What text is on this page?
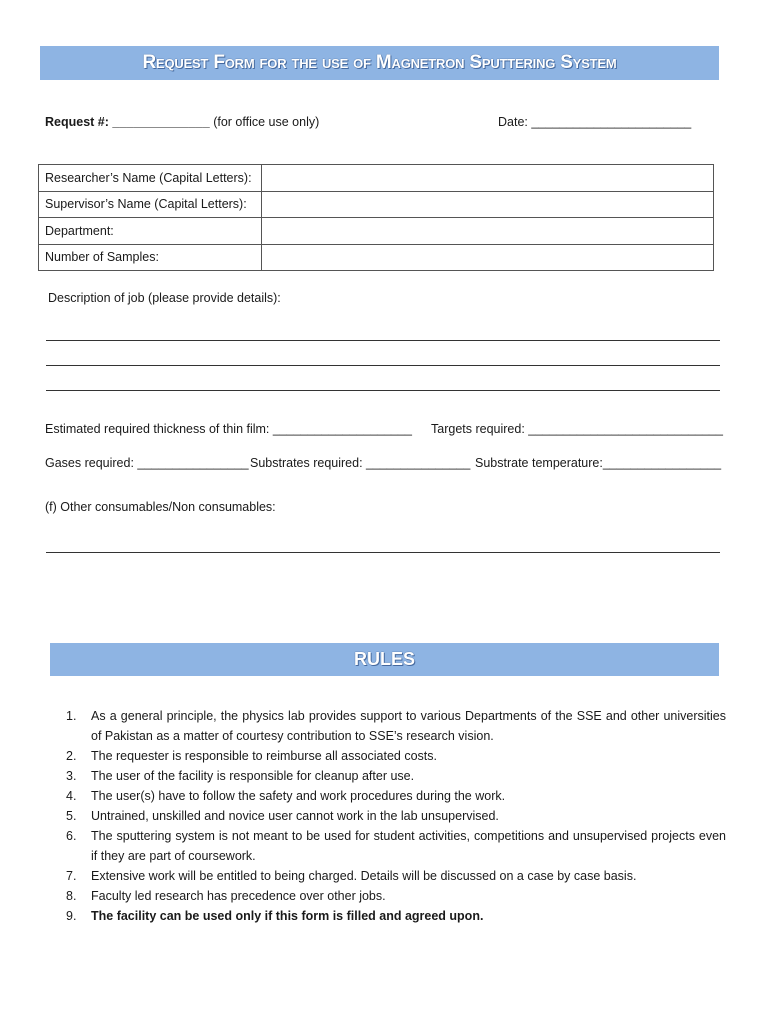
Request Form for the use of Magnetron Sputtering System
Request #: ______________ (for office use only)	Date: _______________________
Researcher’s Name (Capital Letters):	
Supervisor’s Name (Capital Letters):	
Department:	
Number of Samples:	
Description of job (please provide details):
Estimated required thickness of thin film: ____________________ Targets required: ____________________________
Gases required: ________________ Substrates required: _______________ Substrate temperature:_________________
(f) Other consumables/Non consumables:
RULES
1. As a general principle, the physics lab provides support to various Departments of the SSE and other universities of Pakistan as a matter of courtesy contribution to SSE’s research vision.
2. The requester is responsible to reimburse all associated costs.
3. The user of the facility is responsible for cleanup after use.
4. The user(s) have to follow the safety and work procedures during the work.
5. Untrained, unskilled and novice user cannot work in the lab unsupervised.
6. The sputtering system is not meant to be used for student activities, competitions and unsupervised projects even if they are part of coursework.
7. Extensive work will be entitled to being charged. Details will be discussed on a case by case basis.
8. Faculty led research has precedence over other jobs.
9. The facility can be used only if this form is filled and agreed upon.
